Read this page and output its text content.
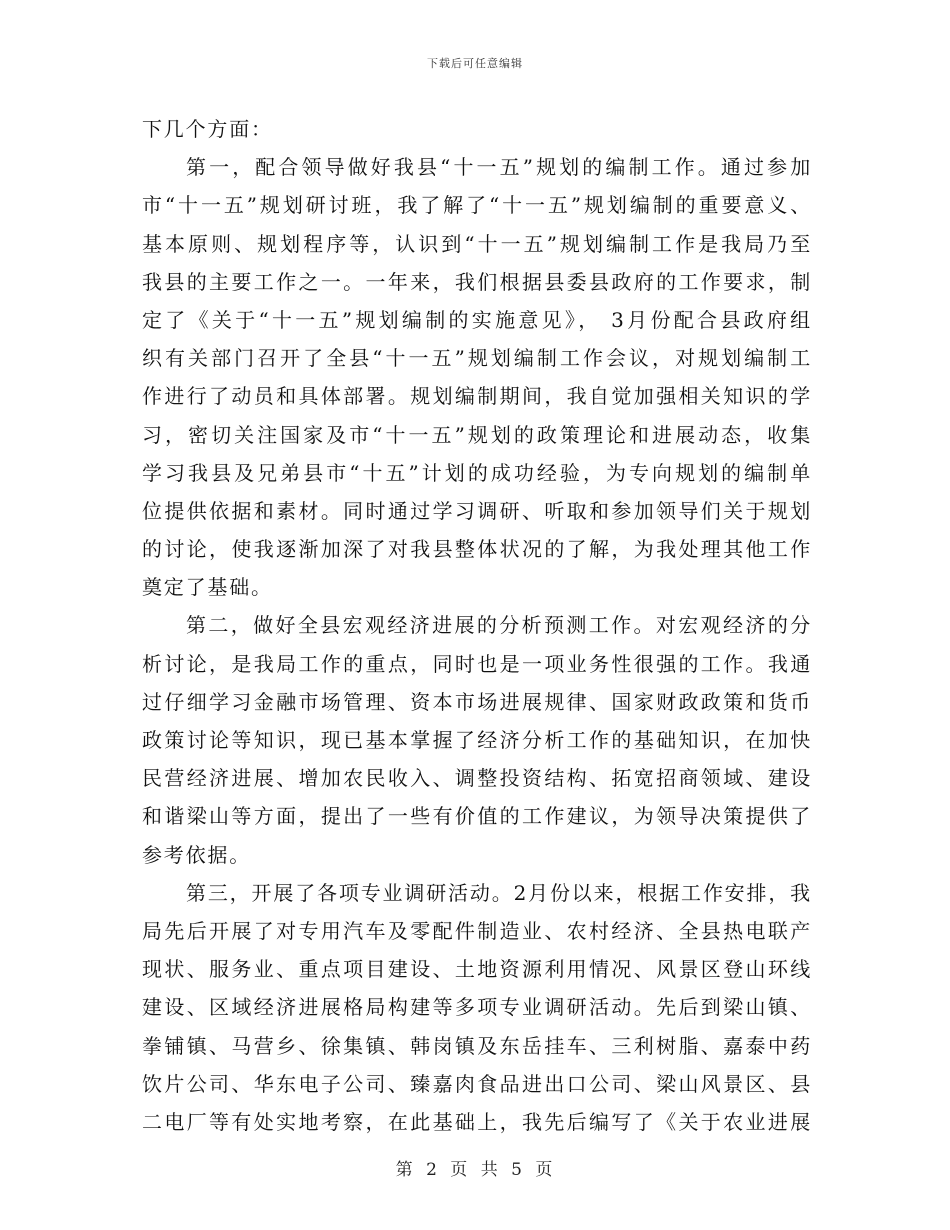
下载后可任意编辑
下几个方面：
第一，配合领导做好我县“十一五”规划的编制工作。通过参加
市“十一五”规划研讨班，我了解了“十一五”规划编制的重要意义、
基本原则、规划程序等，认识到“十一五”规划编制工作是我局乃至
我县的主要工作之一。一年来，我们根据县委县政府的工作要求，制
定了《关于“十一五”规划编制的实施意见》， 3月份配合县政府组
织有关部门召开了全县“十一五”规划编制工作会议，对规划编制工
作进行了动员和具体部署。规划编制期间，我自觉加强相关知识的学
习，密切关注国家及市“十一五”规划的政策理论和进展动态，收集
学习我县及兄弟县市“十五”计划的成功经验，为专向规划的编制单
位提供依据和素材。同时通过学习调研、听取和参加领导们关于规划
的讨论，使我逐渐加深了对我县整体状况的了解，为我处理其他工作
奠定了基础。
第二，做好全县宏观经济进展的分析预测工作。对宏观经济的分
析讨论，是我局工作的重点，同时也是一项业务性很强的工作。我通
过仔细学习金融市场管理、资本市场进展规律、国家财政政策和货币
政策讨论等知识，现已基本掌握了经济分析工作的基础知识，在加快
民营经济进展、增加农民收入、调整投资结构、拓宽招商领域、建设
和谐梁山等方面，提出了一些有价值的工作建议，为领导决策提供了
参考依据。
第三，开展了各项专业调研活动。2月份以来，根据工作安排，我
局先后开展了对专用汽车及零配件制造业、农村经济、全县热电联产
现状、服务业、重点项目建设、土地资源利用情况、风景区登山环线
建设、区域经济进展格局构建等多项专业调研活动。先后到梁山镇、
拳铺镇、马营乡、徐集镇、韩岗镇及东岳挂车、三利树脂、嘉泰中药
饮片公司、华东电子公司、臻嘉肉食品进出口公司、梁山风景区、县
二电厂等有处实地考察，在此基础上，我先后编写了《关于农业进展
第 2 页 共 5 页
